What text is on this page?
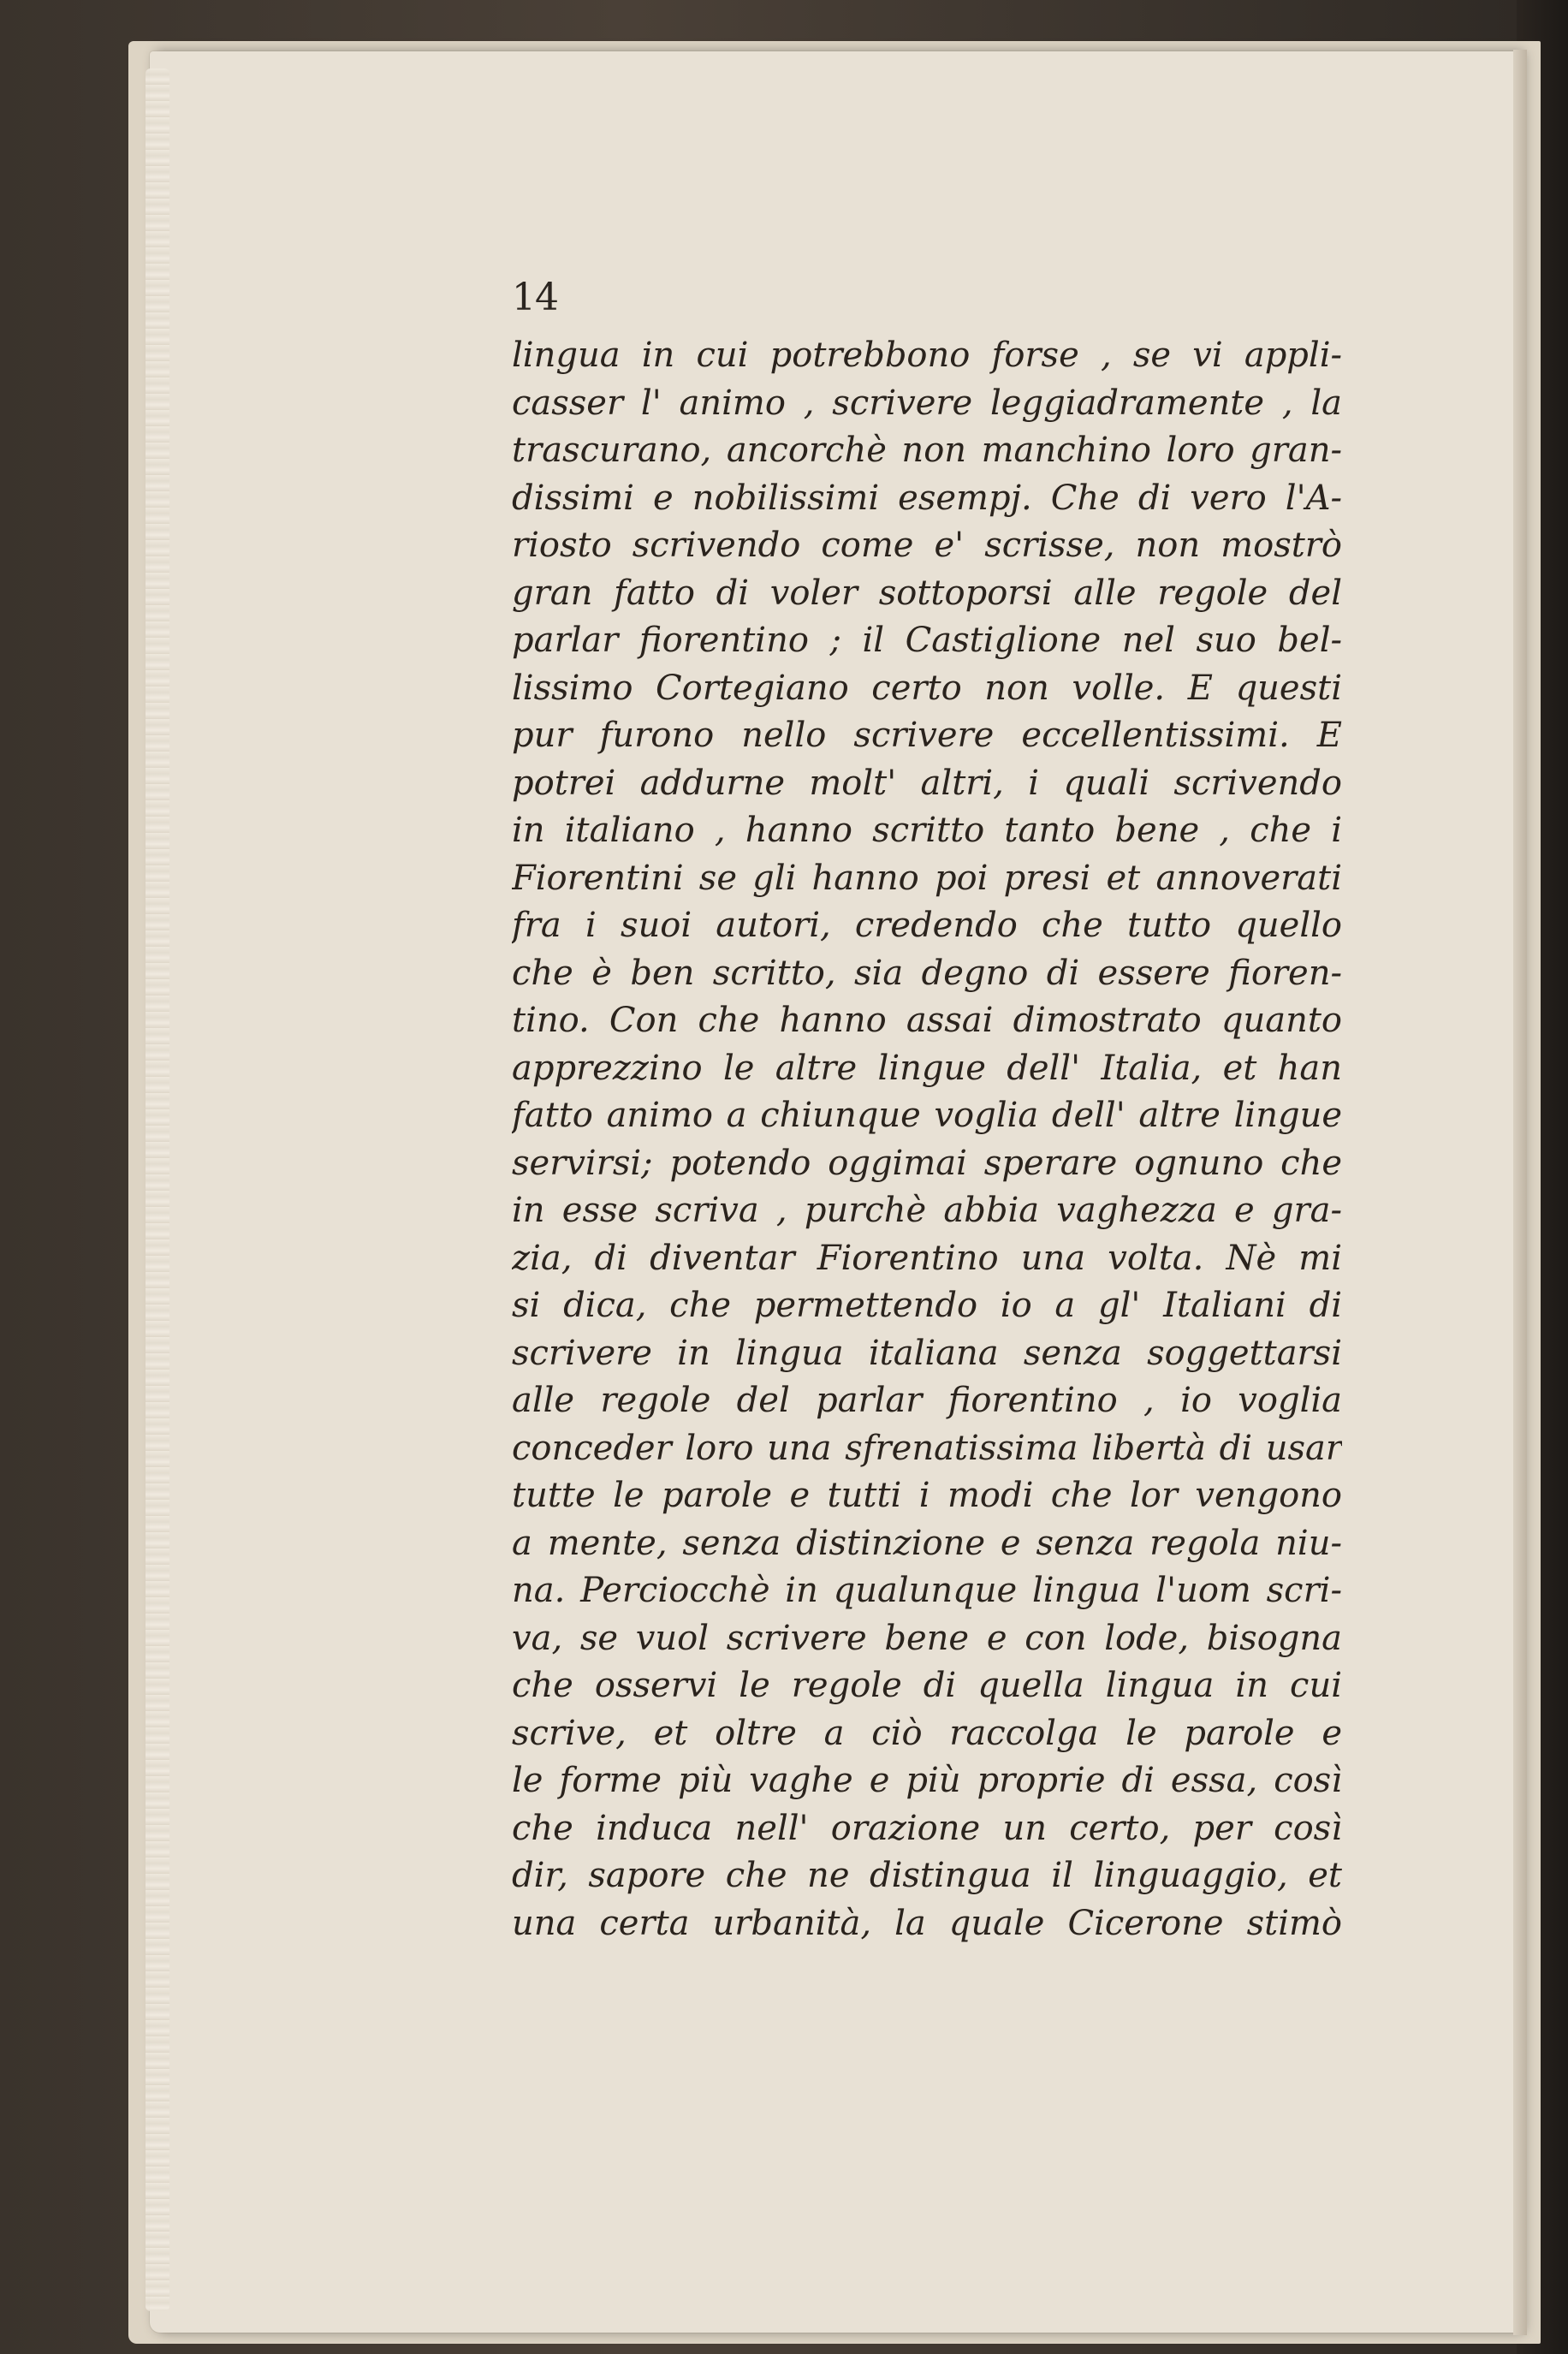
14
lingua in cui potrebbono forse , se vi appli-
casser l' animo , scrivere leggiadramente , la
trascurano, ancorchè non manchino loro gran-
dissimi e nobilissimi esempj. Che di vero l'A-
riosto scrivendo come e' scrisse, non mostrò
gran fatto di voler sottoporsi alle regole del
parlar fiorentino ; il Castiglione nel suo bel-
lissimo Cortegiano certo non volle. E questi
pur furono nello scrivere eccellentissimi. E
potrei addurne molt' altri, i quali scrivendo
in italiano , hanno scritto tanto bene , che i
Fiorentini se gli hanno poi presi et annoverati
fra i suoi autori, credendo che tutto quello
che è ben scritto, sia degno di essere fioren-
tino. Con che hanno assai dimostrato quanto
apprezzino le altre lingue dell' Italia, et han
fatto animo a chiunque voglia dell' altre lingue
servirsi; potendo oggimai sperare ognuno che
in esse scriva , purchè abbia vaghezza e gra-
zia, di diventar Fiorentino una volta. Nè mi
si dica, che permettendo io a gl' Italiani di
scrivere in lingua italiana senza soggettarsi
alle regole del parlar fiorentino , io voglia
conceder loro una sfrenatissima libertà di usar
tutte le parole e tutti i modi che lor vengono
a mente, senza distinzione e senza regola niu-
na. Perciocchè in qualunque lingua l'uom scri-
va, se vuol scrivere bene e con lode, bisogna
che osservi le regole di quella lingua in cui
scrive, et oltre a ciò raccolga le parole e
le forme più vaghe e più proprie di essa, così
che induca nell' orazione un certo, per così
dir, sapore che ne distingua il linguaggio, et
una certa urbanità, la quale Cicerone stimò
